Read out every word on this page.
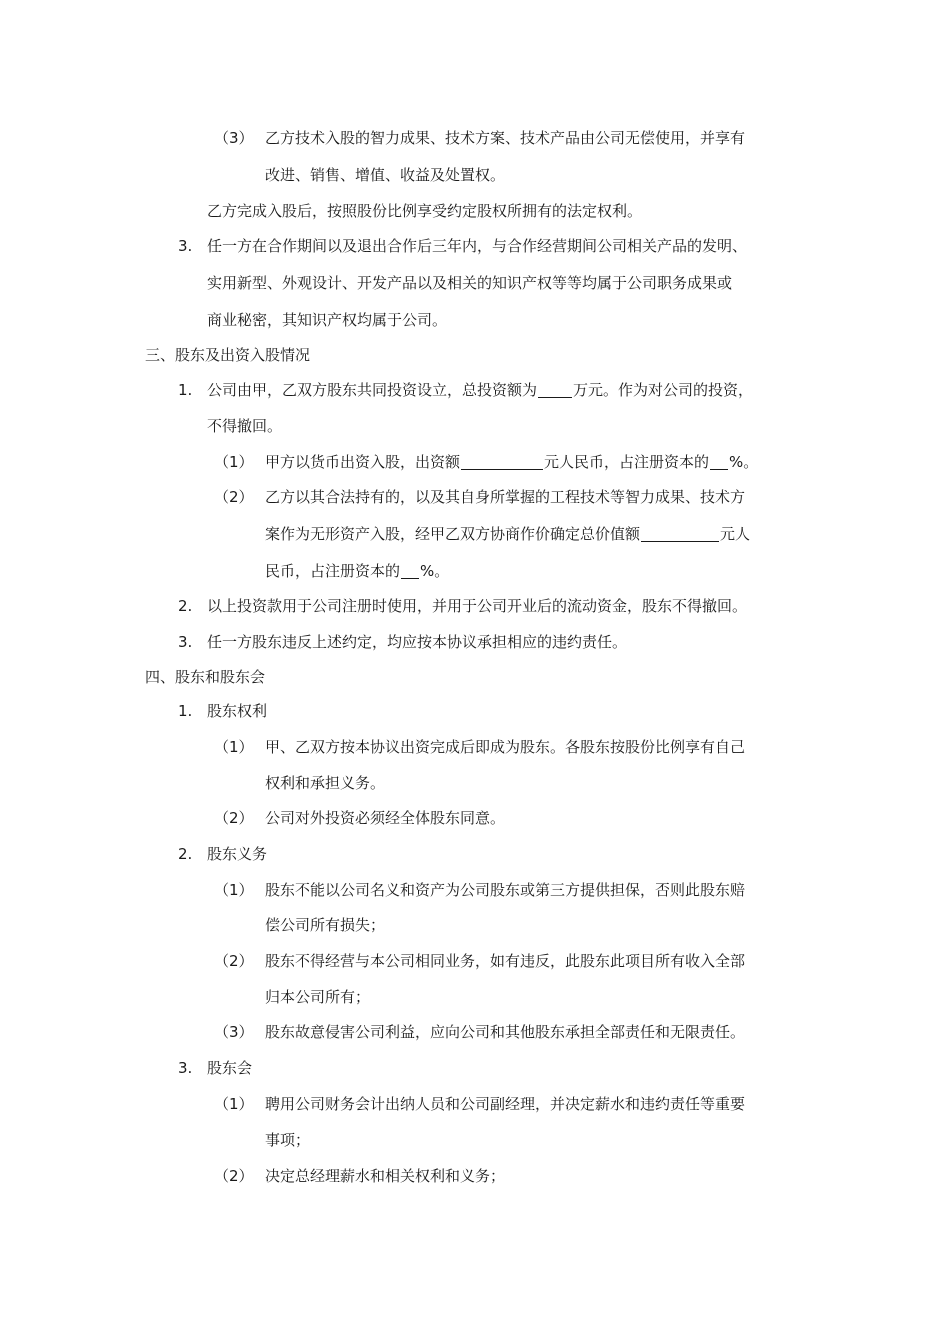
（3） 乙方技术入股的智力成果、技术方案、技术产品由公司无偿使用，并享有
改进、销售、增值、收益及处置权。
乙方完成入股后，按照股份比例享受约定股权所拥有的法定权利。
3. 任一方在合作期间以及退出合作后三年内，与合作经营期间公司相关产品的发明、
实用新型、外观设计、开发产品以及相关的知识产权等等均属于公司职务成果或
商业秘密，其知识产权均属于公司。
三、股东及出资入股情况
1. 公司由甲，乙双方股东共同投资设立，总投资额为 万元。作为对公司的投资，
不得撤回。
（1） 甲方以货币出资入股，出资额	元人民币，占注册资本的 %。
（2） 乙方以其合法持有的，以及其自身所掌握的工程技术等智力成果、技术方
案作为无形资产入股，经甲乙双方协商作价确定总价值额	元人
民币，占注册资本的 %。
2. 以上投资款用于公司注册时使用，并用于公司开业后的流动资金，股东不得撤回。
3. 任一方股东违反上述约定，均应按本协议承担相应的违约责任。
四、股东和股东会
1. 股东权利
（1） 甲、乙双方按本协议出资完成后即成为股东。各股东按股份比例享有自己
权利和承担义务。
（2） 公司对外投资必须经全体股东同意。
2. 股东义务
（1） 股东不能以公司名义和资产为公司股东或第三方提供担保，否则此股东赔
偿公司所有损失；
（2） 股东不得经营与本公司相同业务，如有违反，此股东此项目所有收入全部
归本公司所有；
（3） 股东故意侵害公司利益，应向公司和其他股东承担全部责任和无限责任。
3. 股东会
（1） 聘用公司财务会计出纳人员和公司副经理，并决定薪水和违约责任等重要
事项；
（2） 决定总经理薪水和相关权利和义务；
